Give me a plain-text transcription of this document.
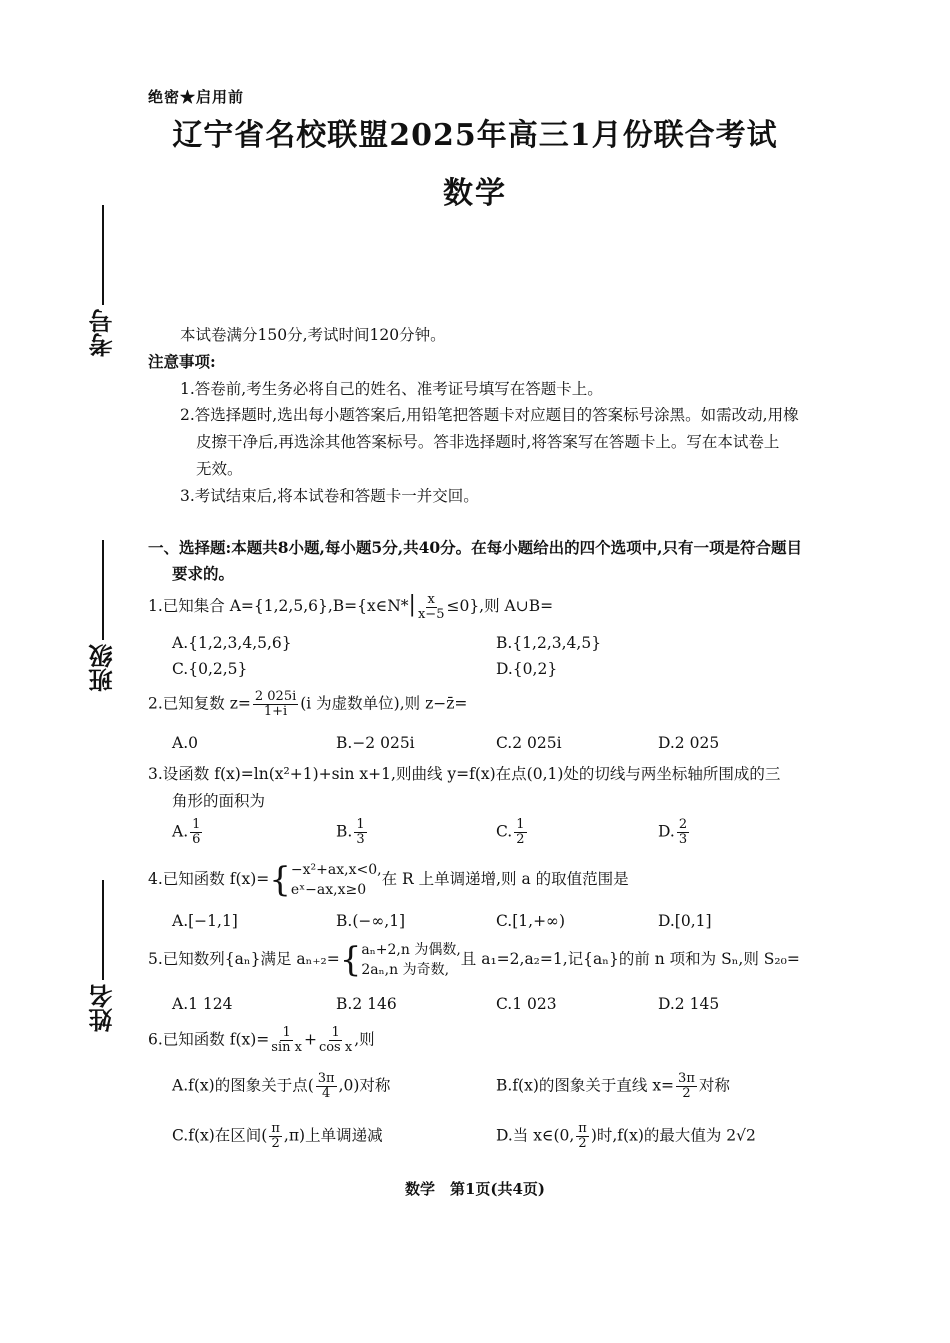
绝密★启用前
辽宁省名校联盟2025年高三1月份联合考试
数学
考号
班级
姓名
本试卷满分150分,考试时间120分钟。
注意事项:
1.答卷前,考生务必将自己的姓名、准考证号填写在答题卡上。
2.答选择题时,选出每小题答案后,用铅笔把答题卡对应题目的答案标号涂黑。如需改动,用橡
皮擦干净后,再选涂其他答案标号。答非选择题时,将答案写在答题卡上。写在本试卷上
无效。
3.考试结束后,将本试卷和答题卡一并交回。
一、选择题:本题共8小题,每小题5分,共40分。在每小题给出的四个选项中,只有一项是符合题目
要求的。
1.已知集合 A={1,2,5,6},B={x∈N*| $\frac{x}{x-5} \le 0$},则 A∪B=
A.{1,2,3,4,5,6}	B.{1,2,3,4,5}
C.{0,2,5}	D.{0,2}
2.已知复数 $z= \frac{2 025i}{1+i} (i$ 为虚数单位),则 z−z̄=
A.0	B.−2 025i	C.2 025i	D.2 025
3.设函数 f(x)=ln(x²+1)+sin x+1,则曲线 y=f(x)在点(0,1)处的切线与两坐标轴所围成的三
角形的面积为
A. $\frac{1}{6}$	B. $\frac{1}{3}$	C. $\frac{1}{2}$	D. $\frac{2}{3}$
4.已知函数 f(x)={ −x²+ax,x<0,
eˣ−ax,x≥0
在 R 上单调递增,则 a 的取值范围是
A.[−1,1]	B.(−∞,1]	C.[1,+∞)	D.[0,1]
5.已知数列{aₙ}满足 aₙ₊₂={ aₙ+2,n 为偶数,
2aₙ,n 为奇数,
且 a₁=2,a₂=1,记{aₙ}的前 n 项和为 Sₙ,则 S₂₀=
A.1 124	B.2 146	C.1 023	D.2 145
6.已知函数 $f(x)= \frac{1}{\text{sin x}} + \frac{1}{\text{cos x}}$ ,则
A.f(x)的图象关于点( $\frac{3\pi}{4} ,0$)对称	B.f(x)的图象关于直线 $x= \frac{3\pi}{2}$ 对称
C.f(x)在区间( $\frac{\pi}{2} ,\pi$)上单调递减	D.当 x∈(0, $\frac{\pi}{2}$ )时,f(x)的最大值为 2√2
数学　第1页(共4页)
